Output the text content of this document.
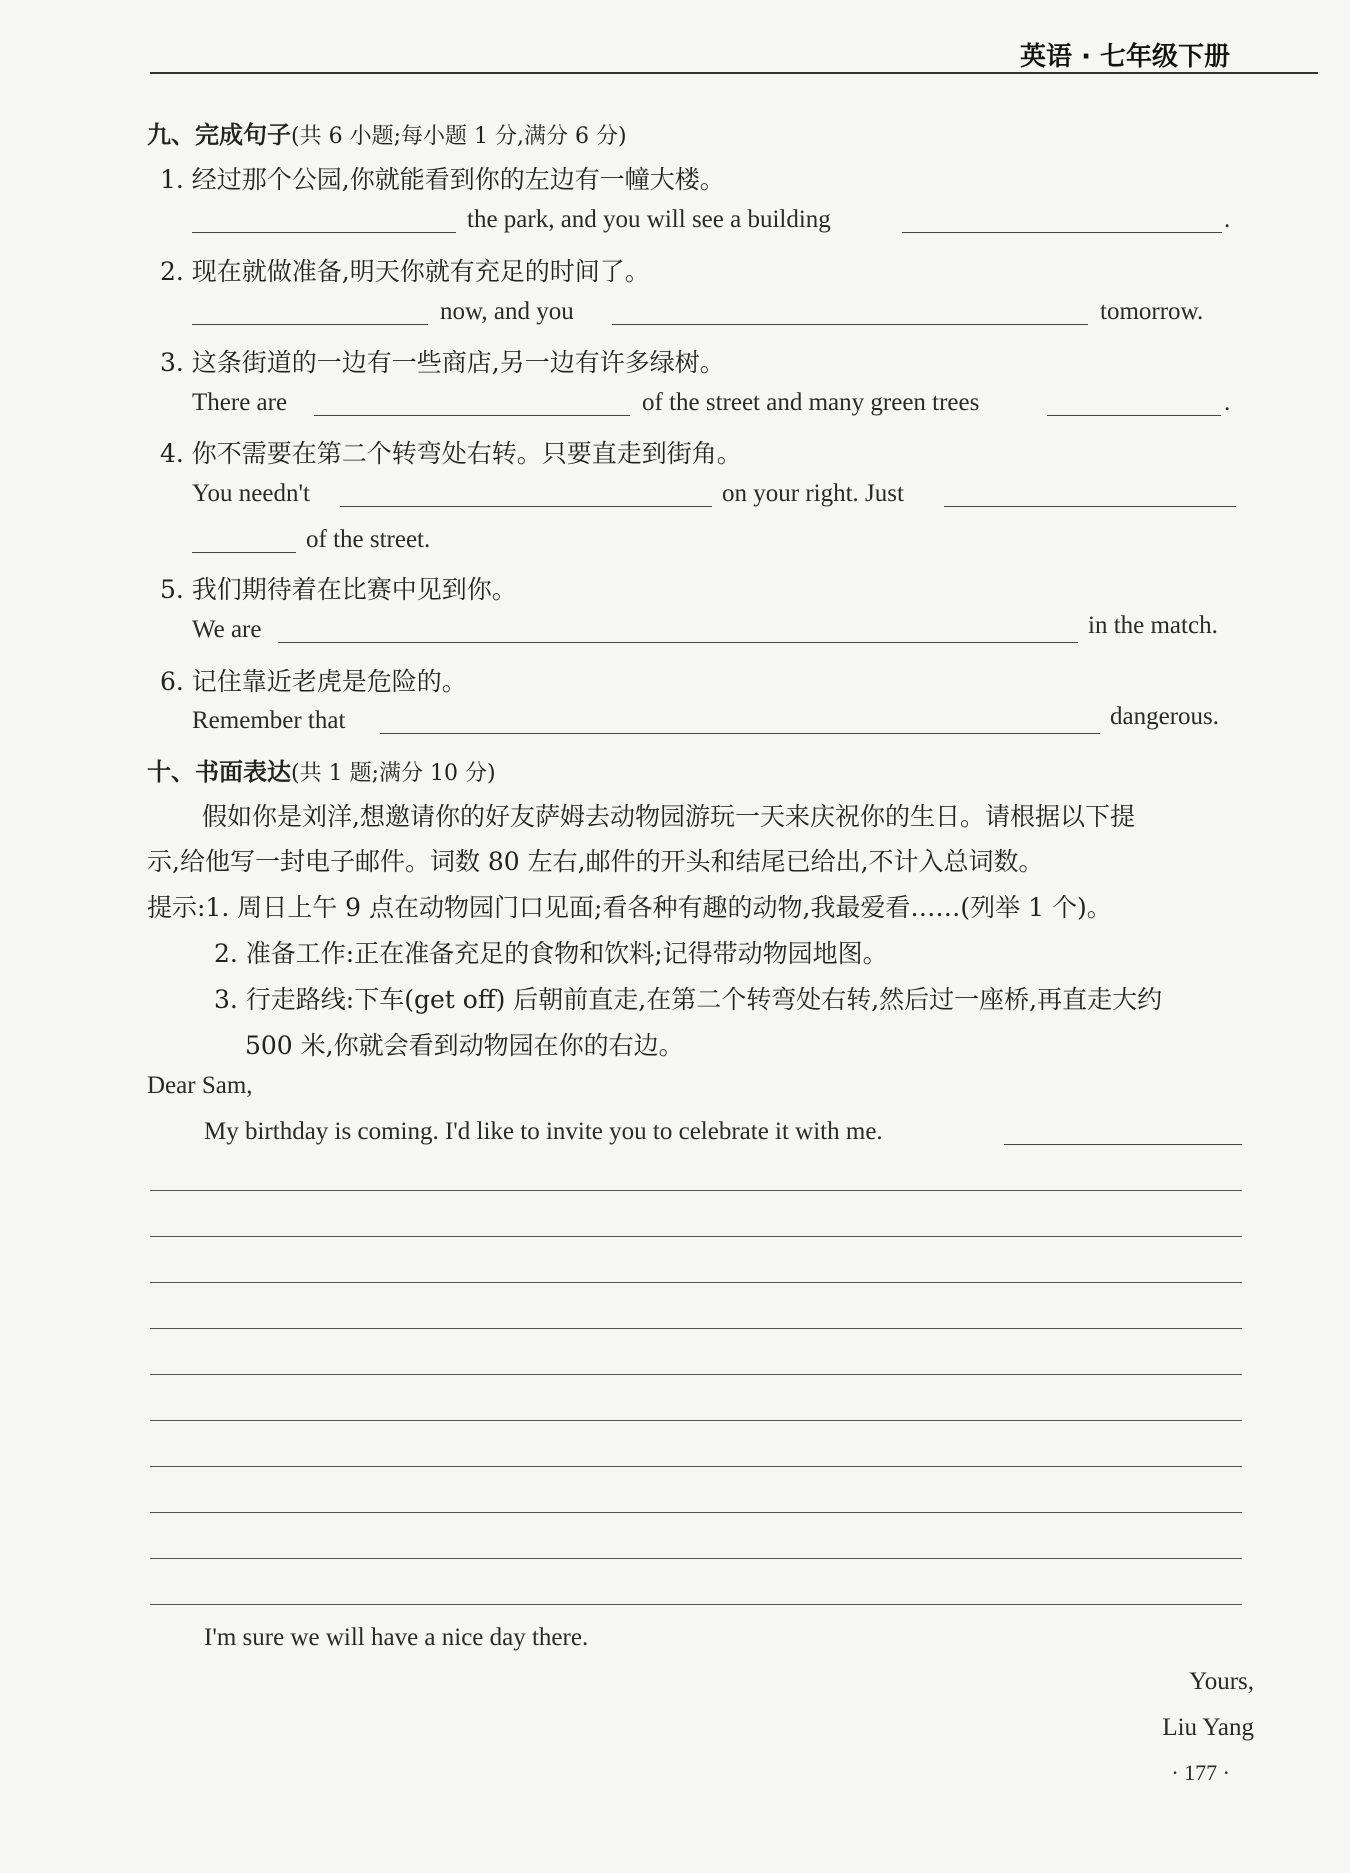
英语 · 七年级下册
九、完成句子(共 6 小题;每小题 1 分,满分 6 分)
1. 经过那个公园,你就能看到你的左边有一幢大楼。
the park, and you will see a building	.
2. 现在就做准备,明天你就有充足的时间了。
now, and you	tomorrow.
3. 这条街道的一边有一些商店,另一边有许多绿树。
There are	of the street and many green trees	.
4. 你不需要在第二个转弯处右转。只要直走到街角。
You needn't	on your right. Just
of the street.
5. 我们期待着在比赛中见到你。
We are	in the match.
6. 记住靠近老虎是危险的。
Remember that	dangerous.
十、书面表达(共 1 题;满分 10 分)
假如你是刘洋,想邀请你的好友萨姆去动物园游玩一天来庆祝你的生日。请根据以下提
示,给他写一封电子邮件。词数 80 左右,邮件的开头和结尾已给出,不计入总词数。
提示:1. 周日上午 9 点在动物园门口见面;看各种有趣的动物,我最爱看……(列举 1 个)。
2. 准备工作:正在准备充足的食物和饮料;记得带动物园地图。
3. 行走路线:下车(get off) 后朝前直走,在第二个转弯处右转,然后过一座桥,再直走大约
500 米,你就会看到动物园在你的右边。
Dear Sam,
My birthday is coming. I'd like to invite you to celebrate it with me.
I'm sure we will have a nice day there.
Yours,
Liu Yang
· 177 ·
